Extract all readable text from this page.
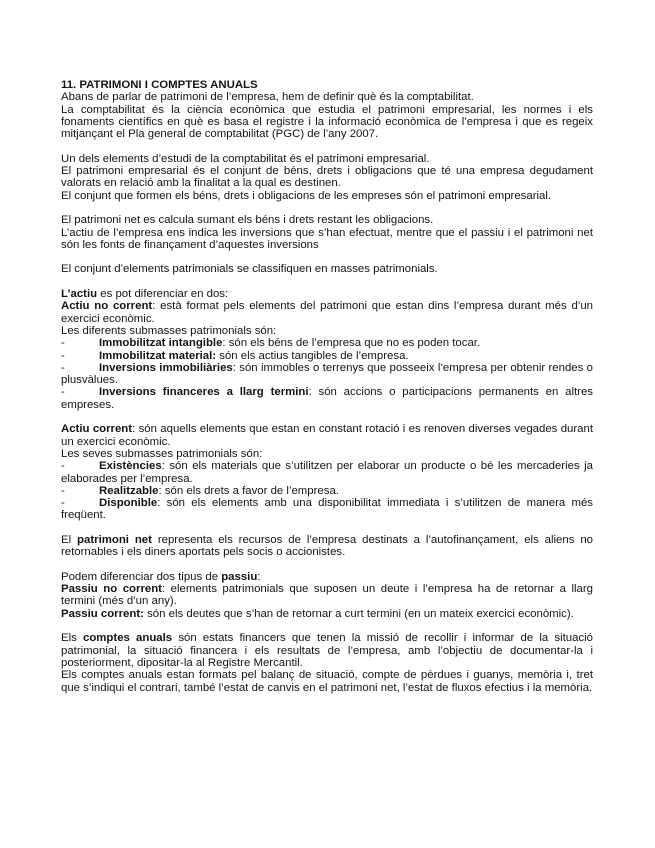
11. PATRIMONI I COMPTES ANUALS

Abans de parlar de patrimoni de l’empresa, hem de definir què és la comptabilitat.

La comptabilitat és la ciència econòmica que estudia el patrimoni empresarial, les normes i els fonaments científics en què es basa el registre i la informació econòmica de l’empresa i que es regeix mitjançant el Pla general de comptabilitat (PGC) de l’any 2007.

Un dels elements d’estudi de la comptabilitat és el patrimoni empresarial.

El patrimoni empresarial és el conjunt de béns, drets i obligacions que té una empresa degudament valorats en relació amb la finalitat a la qual es destinen.

El conjunt que formen els béns, drets i obligacions de les empreses són el patrimoni empresarial.

El patrimoni net es calcula sumant els béns i drets restant les obligacions.

L’actiu de l’empresa ens indica les inversions que s’han efectuat, mentre que el passiu i el patrimoni net són les fonts de finançament d’aquestes inversions

El conjunt d’elements patrimonials se classifiquen en masses patrimonials.

L’actiu es pot diferenciar en dos:

Actiu no corrent: està format pels elements del patrimoni que estan dins l’empresa durant més d’un exercici econòmic.

Les diferents submasses patrimonials són:

-	Immobilitzat intangible: són els béns de l’empresa que no es poden tocar.

-	Immobilitzat material: són els actius tangibles de l’empresa.

-	Inversions immobiliàries: són immobles o terrenys que posseeix l’empresa per obtenir rendes o plusvàlues.

-	Inversions financeres a llarg termini: són accions o participacions permanents en altres empreses.

Actiu corrent: són aquells elements que estan en constant rotació i es renoven diverses vegades durant un exercici econòmic.

Les seves submasses patrimonials són:

-	Existències: són els materials que s’utilitzen per elaborar un producte o bé les mercaderies ja elaborades per l’empresa.

-	Realitzable: són els drets a favor de l’empresa.

-	Disponible: són els elements amb una disponibilitat immediata i s’utilitzen de manera més freqüent.

El patrimoni net representa els recursos de l’empresa destinats a l’autofinançament, els aliens no retornables i els diners aportats pels socis o accionistes.

Podem diferenciar dos tipus de passiu:

Passiu no corrent: elements patrimonials que suposen un deute i l’empresa ha de retornar a llarg termini (més d’un any).

Passiu corrent: són els deutes que s’han de retornar a curt termini (en un mateix exercici econòmic).

Els comptes anuals són estats financers que tenen la missió de recollir i informar de la situació patrimonial, la situació financera i els resultats de l’empresa, amb l’objectiu de documentar-la i posteriorment, dipositar-la al Registre Mercantil.

Els comptes anuals estan formats pel balanç de situació, compte de pèrdues i guanys, memòria i, tret que s’indiqui el contrari, també l’estat de canvis en el patrimoni net, l’estat de fluxos efectius i la memòria.
